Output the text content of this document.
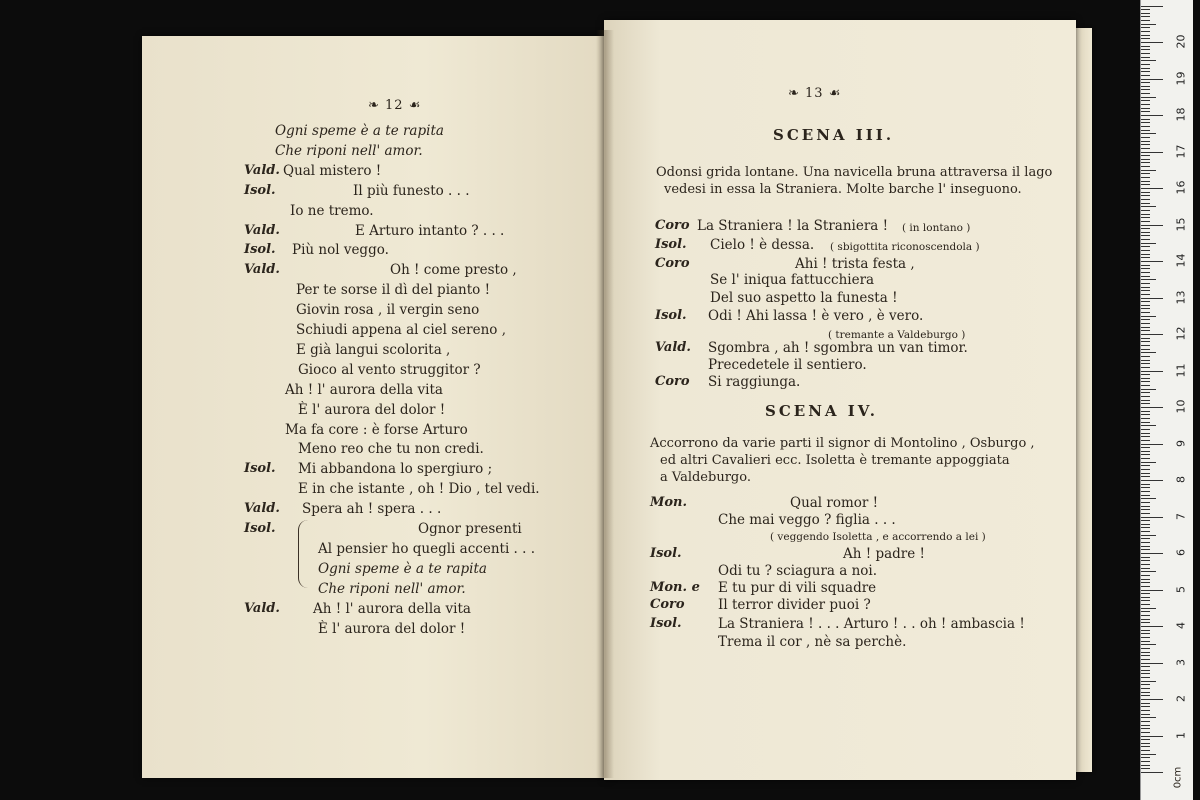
❧ 12 ☙
Ogni speme è a te rapita
Che riponi nell' amor.
Vald. Qual mistero !
Isol.	Il più funesto . . .
Io ne tremo.
Vald.	E Arturo intanto ? . . .
Isol. Più nol veggo.
Vald.	Oh ! come presto ,
Per te sorse il dì del pianto !
Giovin rosa , il vergin seno
Schiudi appena al ciel sereno ,
E già langui scolorita ,
Gioco al vento struggitor ?
Ah ! l' aurora della vita
È l' aurora del dolor !
Ma fa core : è forse Arturo
Meno reo che tu non credi.
Isol. Mi abbandona lo spergiuro ;
E in che istante , oh ! Dio , tel vedi.
Vald. Spera ah ! spera . . .
Isol.	Ognor presenti
Al pensier ho quegli accenti . . .
Ogni speme è a te rapita
Che riponi nell' amor.
Vald. Ah ! l' aurora della vita
È l' aurora del dolor !
❧ 13 ☙
SCENA III.
Odonsi grida lontane. Una navicella bruna attraversa il lago
vedesi in essa la Straniera. Molte barche l' inseguono.
Coro La Straniera ! la Straniera ! ( in lontano )
Isol. Cielo ! è dessa. ( sbigottita riconoscendola )
Coro	Ahi ! trista festa ,
Se l' iniqua fattucchiera
Del suo aspetto la funesta !
Isol. Odi ! Ahi lassa ! è vero , è vero.
( tremante a Valdeburgo )
Vald. Sgombra , ah ! sgombra un van timor.
Precedetele il sentiero.
Coro Si raggiunga.
SCENA IV.
Accorrono da varie parti il signor di Montolino , Osburgo ,
ed altri Cavalieri ecc. Isoletta è tremante appoggiata
a Valdeburgo.
Mon.	Qual romor !
Che mai veggo ? figlia . . .
( veggendo Isoletta , e accorrendo a lei )
Isol.	Ah ! padre !
Odi tu ? sciagura a noi.
Mon. e E tu pur di vili squadre
Coro Il terror divider puoi ?
Isol.	La Straniera ! . . . Arturo ! . . oh ! ambascia !
Trema il cor , nè sa perchè.
0cm
1
2
3
4
5
6
7
8
9
10
11
12
13
14
15
16
17
18
19
20
